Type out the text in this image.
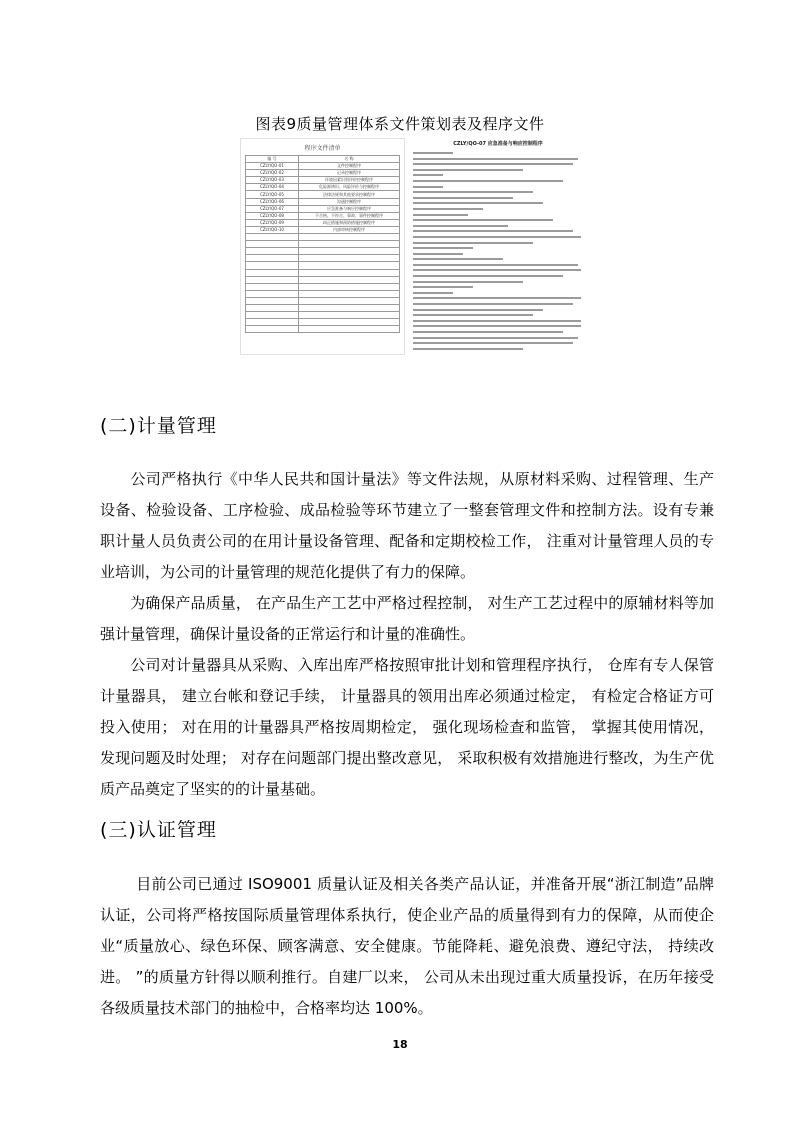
图表9质量管理体系文件策划表及程序文件
程序文件清单
编 号	名 称
CZLY/QO-01	文件控制程序
CZLY/QO-02	记录控制程序
CZLY/QO-03	环境因素识别评价控制程序
CZLY/QO-04	危险源辨识、风险评价与控制程序
CZLY/QO-05	法律法规和其他要求控制程序
CZLY/QO-06	沟通控制程序
CZLY/QO-07	应急准备与响应控制程序
CZLY/QO-08	不合格、不符合、事故、事件控制程序
CZLY/QO-09	纠正措施和预防措施控制程序
CZLY/QO-10	内部审核控制程序

CZLY/QO-07 应急准备与响应控制程序
(二)计量管理

公司严格执行《中华人民共和国计量法》等文件法规，从原材料采购、过程管理、生产设备、检验设备、工序检验、成品检验等环节建立了一整套管理文件和控制方法。设有专兼职计量人员负责公司的在用计量设备管理、配备和定期校检工作， 注重对计量管理人员的专业培训，为公司的计量管理的规范化提供了有力的保障。

为确保产品质量， 在产品生产工艺中严格过程控制， 对生产工艺过程中的原辅材料等加强计量管理，确保计量设备的正常运行和计量的准确性。

公司对计量器具从采购、入库出库严格按照审批计划和管理程序执行， 仓库有专人保管计量器具， 建立台帐和登记手续， 计量器具的领用出库必须通过检定， 有检定合格证方可投入使用； 对在用的计量器具严格按周期检定， 强化现场检查和监管， 掌握其使用情况， 发现问题及时处理； 对存在问题部门提出整改意见， 采取积极有效措施进行整改，为生产优质产品奠定了坚实的的计量基础。

(三)认证管理

目前公司已通过 ISO9001 质量认证及相关各类产品认证，并准备开展“浙江制造”品牌认证，公司将严格按国际质量管理体系执行，使企业产品的质量得到有力的保障，从而使企业“质量放心、绿色环保、顾客满意、安全健康。节能降耗、避免浪费、遵纪守法， 持续改进。 ”的质量方针得以顺利推行。自建厂以来， 公司从未出现过重大质量投诉，在历年接受各级质量技术部门的抽检中，合格率均达 100%。

18
